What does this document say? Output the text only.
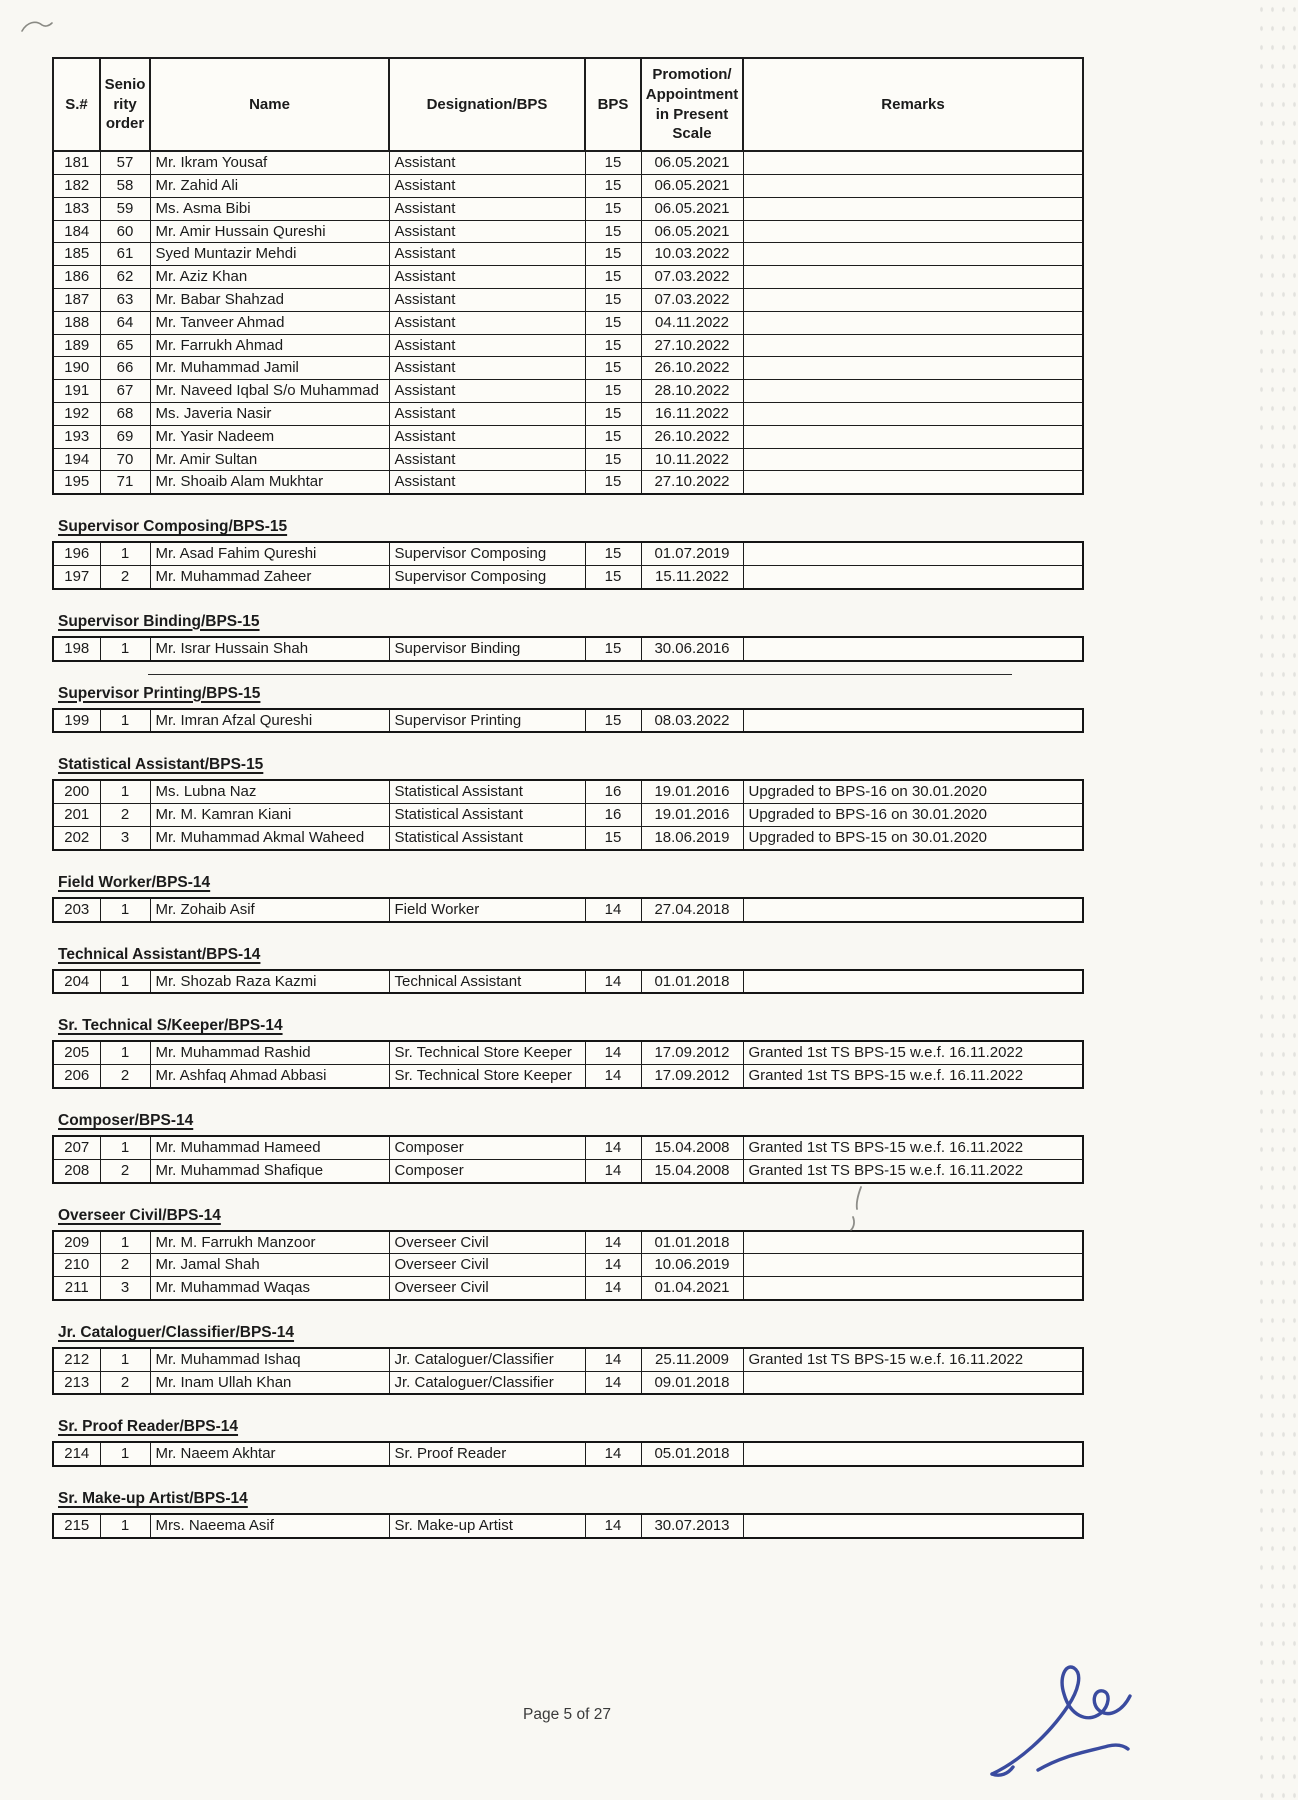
S.#	Senio rity order	Name	Designation/BPS	BPS	Promotion/ Appointment in Present Scale	Remarks
181	57	Mr. Ikram Yousaf	Assistant	15	06.05.2021	
182	58	Mr. Zahid Ali	Assistant	15	06.05.2021	
183	59	Ms. Asma Bibi	Assistant	15	06.05.2021	
184	60	Mr. Amir Hussain Qureshi	Assistant	15	06.05.2021	
185	61	Syed Muntazir Mehdi	Assistant	15	10.03.2022	
186	62	Mr. Aziz Khan	Assistant	15	07.03.2022	
187	63	Mr. Babar Shahzad	Assistant	15	07.03.2022	
188	64	Mr. Tanveer Ahmad	Assistant	15	04.11.2022	
189	65	Mr. Farrukh Ahmad	Assistant	15	27.10.2022	
190	66	Mr. Muhammad Jamil	Assistant	15	26.10.2022	
191	67	Mr. Naveed Iqbal S/o Muhammad	Assistant	15	28.10.2022	
192	68	Ms. Javeria Nasir	Assistant	15	16.11.2022	
193	69	Mr. Yasir Nadeem	Assistant	15	26.10.2022	
194	70	Mr. Amir Sultan	Assistant	15	10.11.2022	
195	71	Mr. Shoaib Alam Mukhtar	Assistant	15	27.10.2022	
Supervisor Composing/BPS-15
196	1	Mr. Asad Fahim Qureshi	Supervisor Composing	15	01.07.2019	
197	2	Mr. Muhammad Zaheer	Supervisor Composing	15	15.11.2022	
Supervisor Binding/BPS-15
198	1	Mr. Israr Hussain Shah	Supervisor Binding	15	30.06.2016	
Supervisor Printing/BPS-15
199	1	Mr. Imran Afzal Qureshi	Supervisor Printing	15	08.03.2022	
Statistical Assistant/BPS-15
200	1	Ms. Lubna Naz	Statistical Assistant	16	19.01.2016	Upgraded to BPS-16 on 30.01.2020
201	2	Mr. M. Kamran Kiani	Statistical Assistant	16	19.01.2016	Upgraded to BPS-16 on 30.01.2020
202	3	Mr. Muhammad Akmal Waheed	Statistical Assistant	15	18.06.2019	Upgraded to BPS-15 on 30.01.2020
Field Worker/BPS-14
203	1	Mr. Zohaib Asif	Field Worker	14	27.04.2018	
Technical Assistant/BPS-14
204	1	Mr. Shozab Raza Kazmi	Technical Assistant	14	01.01.2018	
Sr. Technical S/Keeper/BPS-14
205	1	Mr. Muhammad Rashid	Sr. Technical Store Keeper	14	17.09.2012	Granted 1st TS BPS-15 w.e.f. 16.11.2022
206	2	Mr. Ashfaq Ahmad Abbasi	Sr. Technical Store Keeper	14	17.09.2012	Granted 1st TS BPS-15 w.e.f. 16.11.2022
Composer/BPS-14
207	1	Mr. Muhammad Hameed	Composer	14	15.04.2008	Granted 1st TS BPS-15 w.e.f. 16.11.2022
208	2	Mr. Muhammad Shafique	Composer	14	15.04.2008	Granted 1st TS BPS-15 w.e.f. 16.11.2022
Overseer Civil/BPS-14
209	1	Mr. M. Farrukh Manzoor	Overseer Civil	14	01.01.2018	
210	2	Mr. Jamal Shah	Overseer Civil	14	10.06.2019	
211	3	Mr. Muhammad Waqas	Overseer Civil	14	01.04.2021	
Jr. Cataloguer/Classifier/BPS-14
212	1	Mr. Muhammad Ishaq	Jr. Cataloguer/Classifier	14	25.11.2009	Granted 1st TS BPS-15 w.e.f. 16.11.2022
213	2	Mr. Inam Ullah Khan	Jr. Cataloguer/Classifier	14	09.01.2018	
Sr. Proof Reader/BPS-14
214	1	Mr. Naeem Akhtar	Sr. Proof Reader	14	05.01.2018	
Sr. Make-up Artist/BPS-14
215	1	Mrs. Naeema Asif	Sr. Make-up Artist	14	30.07.2013	
Page 5 of 27
